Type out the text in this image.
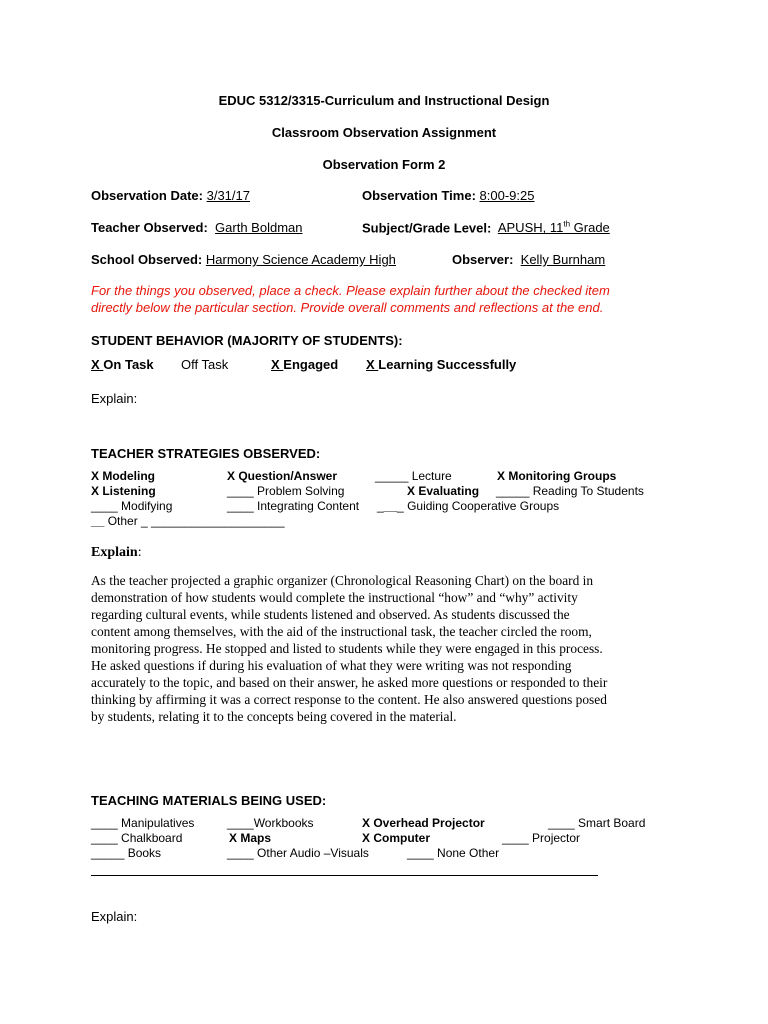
EDUC 5312/3315-Curriculum and Instructional Design
Classroom Observation Assignment
Observation Form 2
Observation Date: 3/31/17	Observation Time: 8:00-9:25
Teacher Observed: Garth Boldman	Subject/Grade Level: APUSH, 11th Grade
School Observed: Harmony Science Academy High	Observer: Kelly Burnham
For the things you observed, place a check. Please explain further about the checked item
directly below the particular section. Provide overall comments and reflections at the end.
STUDENT BEHAVIOR (MAJORITY OF STUDENTS):
X On Task Off Task	X Engaged X Learning Successfully
Explain:
TEACHER STRATEGIES OBSERVED:
X Modeling	X Question/Answer	_____ Lecture	X Monitoring Groups
X Listening	____ Problem Solving	X Evaluating _____ Reading To Students
____ Modifying	____ Integrating Content ____ Guiding Cooperative Groups
__ Other _ ____________________
Explain:
As the teacher projected a graphic organizer (Chronological Reasoning Chart) on the board in
demonstration of how students would complete the instructional “how” and “why” activity
regarding cultural events, while students listened and observed. As students discussed the
content among themselves, with the aid of the instructional task, the teacher circled the room,
monitoring progress. He stopped and listed to students while they were engaged in this process.
He asked questions if during his evaluation of what they were writing was not responding
accurately to the topic, and based on their answer, he asked more questions or responded to their
thinking by affirming it was a correct response to the content. He also answered questions posed
by students, relating it to the concepts being covered in the material.
TEACHING MATERIALS BEING USED:
____ Manipulatives	____Workbooks	X Overhead Projector	____ Smart Board
____ Chalkboard	X Maps	X Computer	____ Projector
_____ Books	____ Other Audio –Visuals	____ None Other
Explain:
